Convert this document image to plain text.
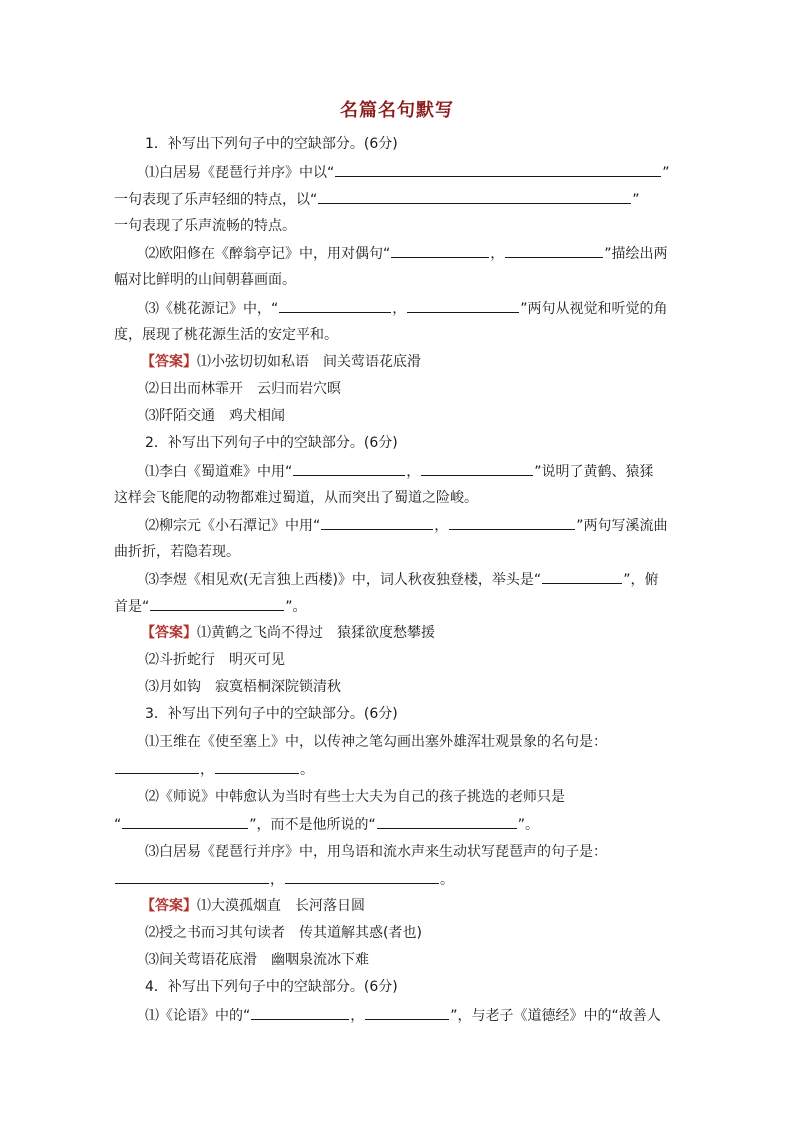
名篇名句默写
1．补写出下列句子中的空缺部分。(6分)
⑴白居易《琵琶行并序》中以“	”
一句表现了乐声轻细的特点，以“	”
一句表现了乐声流畅的特点。
⑵欧阳修在《醉翁亭记》中，用对偶句“	，	”描绘出两
幅对比鲜明的山间朝暮画面。
⑶《桃花源记》中，“	，	”两句从视觉和听觉的角
度，展现了桃花源生活的安定平和。
【答案】⑴小弦切切如私语　间关莺语花底滑
⑵日出而林霏开　云归而岩穴暝
⑶阡陌交通　鸡犬相闻
2．补写出下列句子中的空缺部分。(6分)
⑴李白《蜀道难》中用“	，	”说明了黄鹤、猿猱
这样会飞能爬的动物都难过蜀道，从而突出了蜀道之险峻。
⑵柳宗元《小石潭记》中用“	，	”两句写溪流曲
曲折折，若隐若现。
⑶李煜《相见欢(无言独上西楼)》中，词人秋夜独登楼，举头是“	”，俯
首是“	”。
【答案】⑴黄鹤之飞尚不得过　猿猱欲度愁攀援
⑵斗折蛇行　明灭可见
⑶月如钩　寂寞梧桐深院锁清秋
3．补写出下列句子中的空缺部分。(6分)
⑴王维在《使至塞上》中，以传神之笔勾画出塞外雄浑壮观景象的名句是：
，	。
⑵《师说》中韩愈认为当时有些士大夫为自己的孩子挑选的老师只是
“	”，而不是他所说的“	”。
⑶白居易《琵琶行并序》中，用鸟语和流水声来生动状写琵琶声的句子是：
，	。
【答案】⑴大漠孤烟直　长河落日圆
⑵授之书而习其句读者　传其道解其惑(者也)
⑶间关莺语花底滑　幽咽泉流冰下难
4．补写出下列句子中的空缺部分。(6分)
⑴《论语》中的“	，	”，与老子《道德经》中的“故善人
